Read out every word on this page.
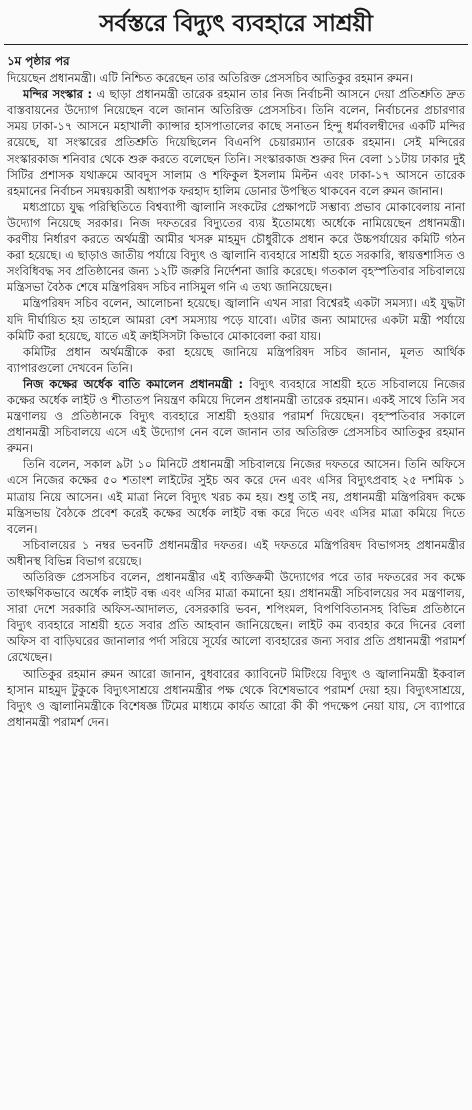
সর্বস্তরে বিদ্যুৎ ব্যবহারে সাশ্রয়ী
১ম পৃষ্ঠার পর

দিয়েছেন প্রধানমন্ত্রী। এটি নিশ্চিত করেছেন তার অতিরিক্ত প্রেসসচিব আতিকুর রহমান রুমন।

মন্দির সংস্কার : এ ছাড়া প্রধানমন্ত্রী তারেক রহমান তার নিজ নির্বাচনী আসনে দেয়া প্রতিশ্রুতি দ্রুত বাস্তবায়নের উদ্যোগ নিয়েছেন বলে জানান অতিরিক্ত প্রেসসচিব। তিনি বলেন, নির্বাচনের প্রচারণার সময় ঢাকা-১৭ আসনে মহাখালী ক্যান্সার হাসপাতালের কাছে সনাতন হিন্দু ধর্মাবলম্বীদের একটি মন্দির রয়েছে, যা সংস্কারের প্রতিশ্রুতি দিয়েছিলেন বিএনপি চেয়ারম্যান তারেক রহমান। সেই মন্দিরের সংস্কারকাজ শনিবার থেকে শুরু করতে বলেছেন তিনি। সংস্কারকাজ শুরুর দিন বেলা ১১টায় ঢাকার দুই সিটির প্রশাসক যথাক্রমে আবদুস সালাম ও শফিকুল ইসলাম মিল্টন এবং ঢাকা-১৭ আসনে তারেক রহমানের নির্বাচন সমন্বয়কারী অধ্যাপক ফরহাদ হালিম ডোনার উপস্থিত থাকবেন বলে রুমন জানান।

মধ্যপ্রাচ্যে যুদ্ধ পরিস্থিতিতে বিশ্বব্যাপী জ্বালানি সংকটের প্রেক্ষাপটে সম্ভাব্য প্রভাব মোকাবেলায় নানা উদ্যোগ নিয়েছে সরকার। নিজ দফতরের বিদ্যুতের ব্যয় ইতোমধ্যে অর্ধেকে নামিয়েছেন প্রধানমন্ত্রী। করণীয় নির্ধারণ করতে অর্থমন্ত্রী আমীর খসরু মাহমুদ চৌধুরীকে প্রধান করে উচ্চপর্যায়ের কমিটি গঠন করা হয়েছে। এ ছাড়াও জাতীয় পর্যায়ে বিদ্যুৎ ও জ্বালানি ব্যবহারে সাশ্রয়ী হতে সরকারি, স্বায়ত্তশাসিত ও সংবিধিবদ্ধ সব প্রতিষ্ঠানের জন্য ১২টি জরুরি নির্দেশনা জারি করেছে। গতকাল বৃহস্পতিবার সচিবালয়ে মন্ত্রিসভা বৈঠক শেষে মন্ত্রিপরিষদ সচিব নাসিমুল গনি এ তথ্য জানিয়েছেন।

মন্ত্রিপরিষদ সচিব বলেন, আলোচনা হয়েছে। জ্বালানি এখন সারা বিশ্বেরই একটা সমস্যা। এই যুদ্ধটা যদি দীর্ঘায়িত হয় তাহলে আমরা বেশ সমস্যায় পড়ে যাবো। এটার জন্য আমাদের একটা মন্ত্রী পর্যায়ে কমিটি করা হয়েছে, যাতে এই ক্রাইসিসটা কিভাবে মোকাবেলা করা যায়।

কমিটির প্রধান অর্থমন্ত্রীকে করা হয়েছে জানিয়ে মন্ত্রিপরিষদ সচিব জানান, মূলত আর্থিক ব্যাপারগুলো দেখবেন তিনি।

নিজ কক্ষের অর্ধেক বাতি কমালেন প্রধানমন্ত্রী : বিদ্যুৎ ব্যবহারে সাশ্রয়ী হতে সচিবালয়ে নিজের কক্ষের অর্ধেক লাইট ও শীতাতপ নিয়ন্ত্রণ কমিয়ে দিলেন প্রধানমন্ত্রী তারেক রহমান। একই সাথে তিনি সব মন্ত্রণালয় ও প্রতিষ্ঠানকে বিদ্যুৎ ব্যবহারে সাশ্রয়ী হওয়ার পরামর্শ দিয়েছেন। বৃহস্পতিবার সকালে প্রধানমন্ত্রী সচিবালয়ে এসে এই উদ্যোগ নেন বলে জানান তার অতিরিক্ত প্রেসসচিব আতিকুর রহমান রুমন।

তিনি বলেন, সকাল ৯টা ১০ মিনিটে প্রধানমন্ত্রী সচিবালয়ে নিজের দফতরে আসেন। তিনি অফিসে এসে নিজের কক্ষের ৫০ শতাংশ লাইটের সুইচ অব করে দেন এবং এসির বিদ্যুৎপ্রবাহ ২৫ দশমিক ১ মাত্রায় নিয়ে আসেন। এই মাত্রা নিলে বিদ্যুৎ খরচ কম হয়। শুধু তাই নয়, প্রধানমন্ত্রী মন্ত্রিপরিষদ কক্ষে মন্ত্রিসভায় বৈঠকে প্রবেশ করেই কক্ষের অর্ধেক লাইট বন্ধ করে দিতে এবং এসির মাত্রা কমিয়ে দিতে বলেন।

সচিবালয়ের ১ নম্বর ভবনটি প্রধানমন্ত্রীর দফতর। এই দফতরে মন্ত্রিপরিষদ বিভাগসহ প্রধানমন্ত্রীর অধীনস্থ বিভিন্ন বিভাগ রয়েছে।

অতিরিক্ত প্রেসসচিব বলেন, প্রধানমন্ত্রীর এই ব্যক্তিক্রমী উদ্যোগের পরে তার দফতরের সব কক্ষে তাৎক্ষণিকভাবে অর্ধেক লাইট বন্ধ এবং এসির মাত্রা কমানো হয়। প্রধানমন্ত্রী সচিবালয়ের সব মন্ত্রণালয়, সারা দেশে সরকারি অফিস-আদালত, বেসরকারি ভবন, শপিংমল, বিপণিবিতানসহ বিভিন্ন প্রতিষ্ঠানে বিদ্যুৎ ব্যবহারে সাশ্রয়ী হতে সবার প্রতি আহবান জানিয়েছেন। লাইট কম ব্যবহার করে দিনের বেলা অফিস বা বাড়িঘরের জানালার পর্দা সরিয়ে সূর্যের আলো ব্যবহারের জন্য সবার প্রতি প্রধানমন্ত্রী পরামর্শ রেখেছেন।

আতিকুর রহমান রুমন আরো জানান, বুধবারের ক্যাবিনেট মিটিংয়ে বিদ্যুৎ ও জ্বালানিমন্ত্রী ইকবাল হাসান মাহমুদ টুকুকে বিদ্যুৎসাশ্রয়ে প্রধানমন্ত্রীর পক্ষ থেকে বিশেষভাবে পরামর্শ দেয়া হয়। বিদ্যুৎসাশ্রয়ে, বিদ্যুৎ ও জ্বালানিমন্ত্রীকে বিশেষজ্ঞ টিমের মাধ্যমে কার্যত আরো কী কী পদক্ষেপ নেয়া যায়, সে ব্যাপারে প্রধানমন্ত্রী পরামর্শ দেন।
